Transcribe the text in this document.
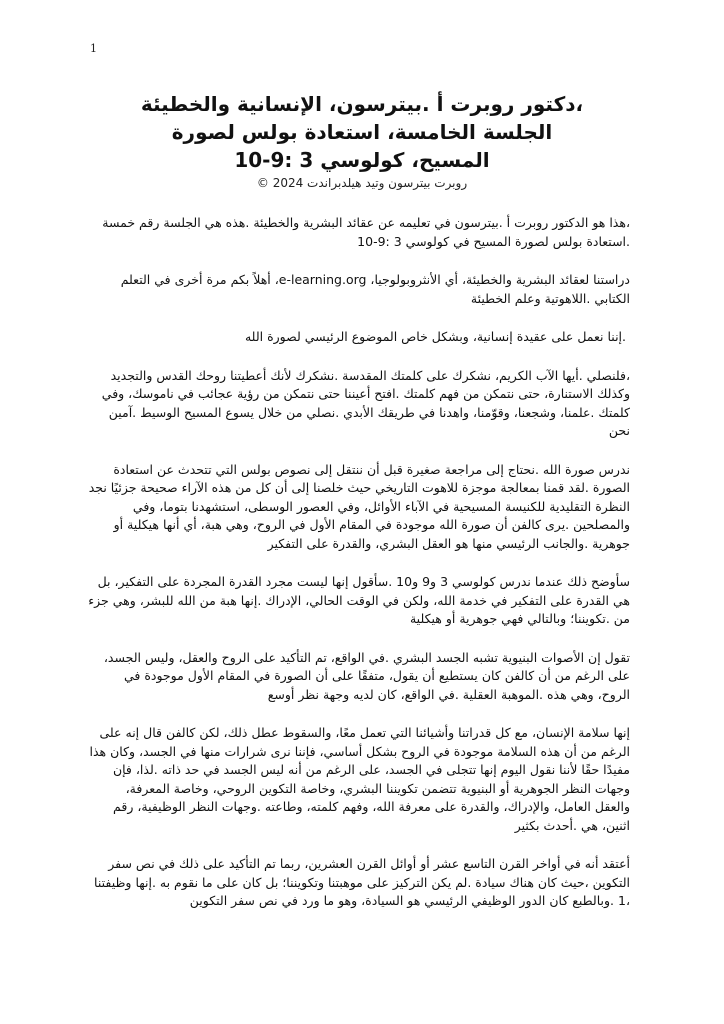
1

،دكتور روبرت أ .بيترسون، الإنسانية والخطيئة

الجلسة الخامسة، استعادة بولس لصورة

المسيح، كولوسي 3 :9-10

روبرت بيترسون وتيد هيلدبراندت 2024 ©

،هذا هو الدكتور روبرت أ .بيترسون في تعليمه عن عقائد البشرية والخطيئة .هذه هي الجلسة رقم خمسة .استعادة بولس لصورة المسيح في كولوسي 3 :9-10

دراستنا لعقائد البشرية والخطيئة، أي الأنثروبولوجيا، e-learning.org، أهلاً بكم مرة أخرى في التعلم الكتابي .اللاهوتية وعلم الخطيئة

.إننا نعمل على عقيدة إنسانية، وبشكل خاص الموضوع الرئيسي لصورة الله

،فلنصلي .أيها الآب الكريم، نشكرك على كلمتك المقدسة .نشكرك لأنك أعطيتنا روحك القدس والتجديد وكذلك الاستنارة، حتى نتمكن من فهم كلمتك .افتح أعيننا حتى نتمكن من رؤية عجائب في ناموسك، وفي كلمتك .علمنا، وشجعنا، وقوّمنا، واهدنا في طريقك الأبدي .نصلي من خلال يسوع المسيح الوسيط .آمين نحن

ندرس صورة الله .نحتاج إلى مراجعة صغيرة قبل أن ننتقل إلى نصوص بولس التي تتحدث عن استعادة الصورة .لقد قمنا بمعالجة موجزة للاهوت التاريخي حيث خلصنا إلى أن كل من هذه الآراء صحيحة جزئيًا نجد النظرة التقليدية للكنيسة المسيحية في الآباء الأوائل، وفي العصور الوسطى، استشهدنا بتوما، وفي والمصلحين .يرى كالفن أن صورة الله موجودة في المقام الأول في الروح، وهي هبة، أي أنها هيكلية أو جوهرية .والجانب الرئيسي منها هو العقل البشري، والقدرة على التفكير

سأوضح ذلك عندما ندرس كولوسي 3 و9 و10 .سأقول إنها ليست مجرد القدرة المجردة على التفكير، بل هي القدرة على التفكير في خدمة الله، ولكن في الوقت الحالي، الإدراك .إنها هبة من الله للبشر، وهي جزء من .تكويننا؛ وبالتالي فهي جوهرية أو هيكلية

تقول إن الأصوات البنيوية تشبه الجسد البشري .في الواقع، تم التأكيد على الروح والعقل، وليس الجسد، على الرغم من أن كالفن كان يستطيع أن يقول، متفقًا على أن الصورة في المقام الأول موجودة في الروح، وهي هذه .الموهبة العقلية .في الواقع، كان لديه وجهة نظر أوسع

إنها سلامة الإنسان، مع كل قدراتنا وأشيائنا التي تعمل معًا، والسقوط عطل ذلك، لكن كالفن قال إنه على الرغم من أن هذه السلامة موجودة في الروح بشكل أساسي، فإننا نرى شرارات منها في الجسد، وكان هذا مفيدًا حقًا لأننا نقول اليوم إنها تتجلى في الجسد، على الرغم من أنه ليس الجسد في حد ذاته .لذا، فإن وجهات النظر الجوهرية أو البنيوية تتضمن تكويننا البشري، وخاصة التكوين الروحي، وخاصة المعرفة، والعقل العامل، والإدراك، والقدرة على معرفة الله، وفهم كلمته، وطاعته .وجهات النظر الوظيفية، رقم اثنين، هي .أحدث بكثير

أعتقد أنه في أواخر القرن التاسع عشر أو أوائل القرن العشرين، ربما تم التأكيد على ذلك في نص سفر التكوين ،حيث كان هناك سيادة .لم يكن التركيز على موهبتنا وتكويننا؛ بل كان على ما نقوم به .إنها وظيفتنا ،1 .وبالطبع كان الدور الوظيفي الرئيسي هو السيادة، وهو ما ورد في نص سفر التكوين
